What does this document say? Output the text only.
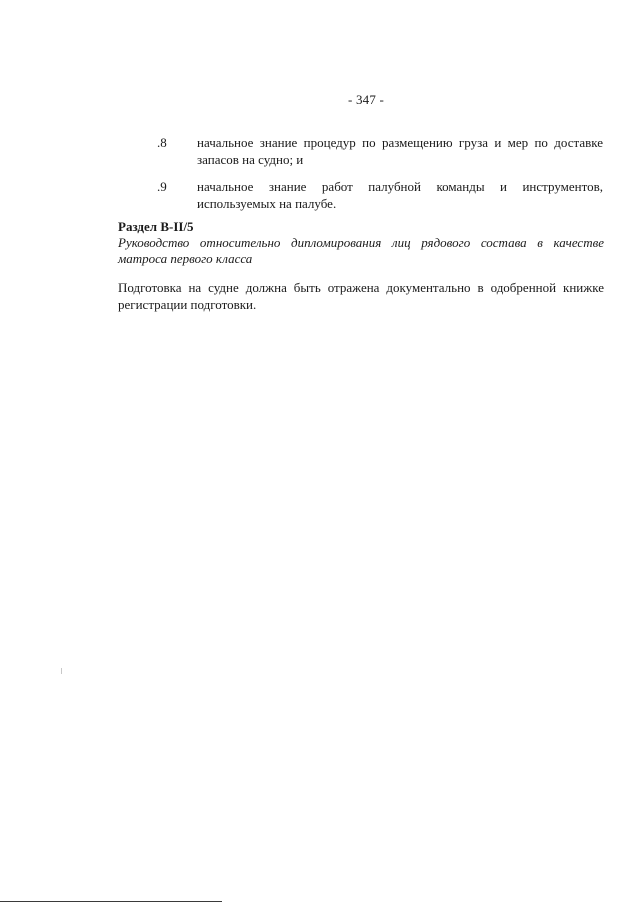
- 347 -
.8	начальное знание процедур по размещению груза и мер по доставке запасов на судно; и
.9	начальное знание работ палубной команды и инструментов, используемых на палубе.
Раздел В-II/5
Руководство относительно дипломирования лиц рядового состава в качестве матроса первого класса
Подготовка на судне должна быть отражена документально в одобренной книжке регистрации подготовки.
